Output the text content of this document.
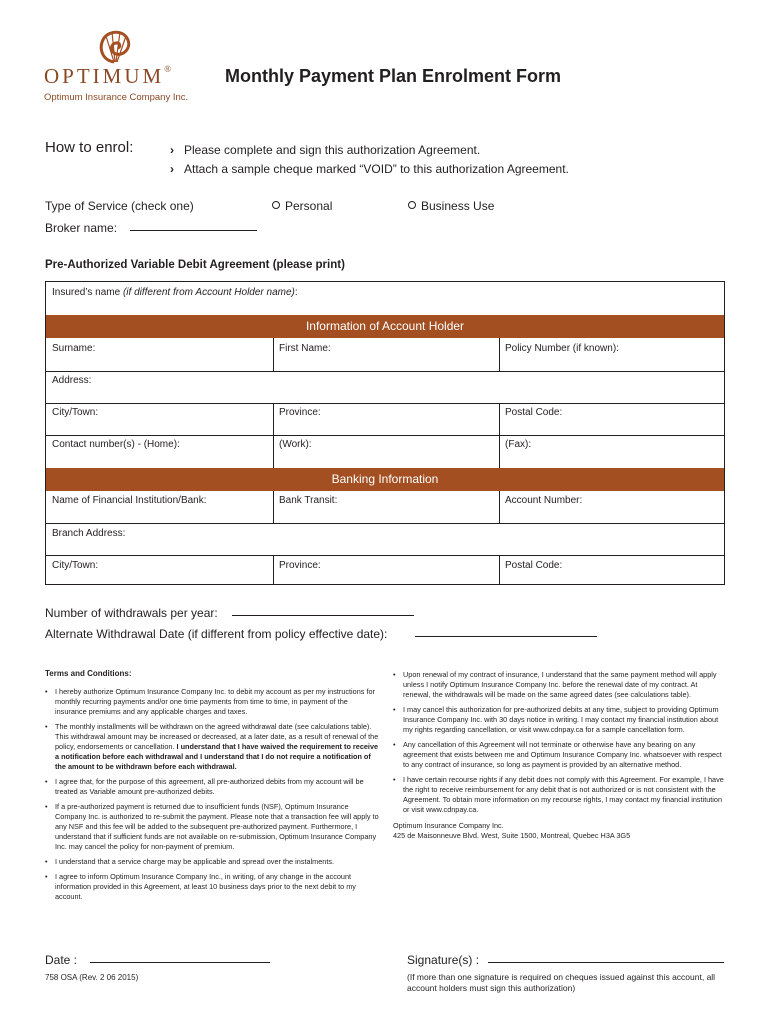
OPTIMUM®
Optimum Insurance Company Inc.
Monthly Payment Plan Enrolment Form
How to enrol:	› Please complete and sign this authorization Agreement.
› Attach a sample cheque marked “VOID” to this authorization Agreement.
Type of Service (check one)	Personal	Business Use
Broker name:
Pre-Authorized Variable Debit Agreement (please print)
Insured’s name (if different from Account Holder name):
Information of Account Holder
Surname:	First Name:	Policy Number (if known):
Address:
City/Town:	Province:	Postal Code:
Contact number(s) - (Home):	(Work):	(Fax):
Banking Information
Name of Financial Institution/Bank:	Bank Transit:	Account Number:
Branch Address:
City/Town:	Province:	Postal Code:
Number of withdrawals per year:
Alternate Withdrawal Date (if different from policy effective date):
Terms and Conditions:
• I hereby authorize Optimum Insurance Company Inc. to debit my account as per my instructions for monthly recurring payments and/or one time payments from time to time, in payment of the insurance premiums and any applicable charges and taxes.
• The monthly installments will be withdrawn on the agreed withdrawal date (see calculations table). This withdrawal amount may be increased or decreased, at a later date, as a result of renewal of the policy, endorsements or cancellation. I understand that I have waived the requirement to receive a notification before each withdrawal and I understand that I do not require a notification of the amount to be withdrawn before each withdrawal.
• I agree that, for the purpose of this agreement, all pre-authorized debits from my account will be treated as Variable amount pre-authorized debits.
• If a pre-authorized payment is returned due to insufficient funds (NSF), Optimum Insurance Company Inc. is authorized to re-submit the payment. Please note that a transaction fee will apply to any NSF and this fee will be added to the subsequent pre-authorized payment. Furthermore, I understand that if sufficient funds are not available on re-submission, Optimum Insurance Company Inc. may cancel the policy for non-payment of premium.
• I understand that a service charge may be applicable and spread over the instalments.
• I agree to inform Optimum Insurance Company Inc., in writing, of any change in the account information provided in this Agreement, at least 10 business days prior to the next debit to my account.
• Upon renewal of my contract of insurance, I understand that the same payment method will apply unless I notify Optimum Insurance Company Inc. before the renewal date of my contract. At renewal, the withdrawals will be made on the same agreed dates (see calculations table).
• I may cancel this authorization for pre-authorized debits at any time, subject to providing Optimum Insurance Company Inc. with 30 days notice in writing. I may contact my financial institution about my rights regarding cancellation, or visit www.cdnpay.ca for a sample cancellation form.
• Any cancellation of this Agreement will not terminate or otherwise have any bearing on any agreement that exists between me and Optimum Insurance Company Inc. whatsoever with respect to any contract of insurance, so long as payment is provided by an alternative method.
• I have certain recourse rights if any debit does not comply with this Agreement. For example, I have the right to receive reimbursement for any debit that is not authorized or is not consistent with the Agreement. To obtain more information on my recourse rights, I may contact my financial institution or visit www.cdnpay.ca.
Optimum Insurance Company Inc.
425 de Maisonneuve Blvd. West, Suite 1500, Montreal, Quebec H3A 3G5
Date :	Signature(s) :
758 OSA (Rev. 2 06 2015)	(If more than one signature is required on cheques issued against this account, all account holders must sign this authorization)
